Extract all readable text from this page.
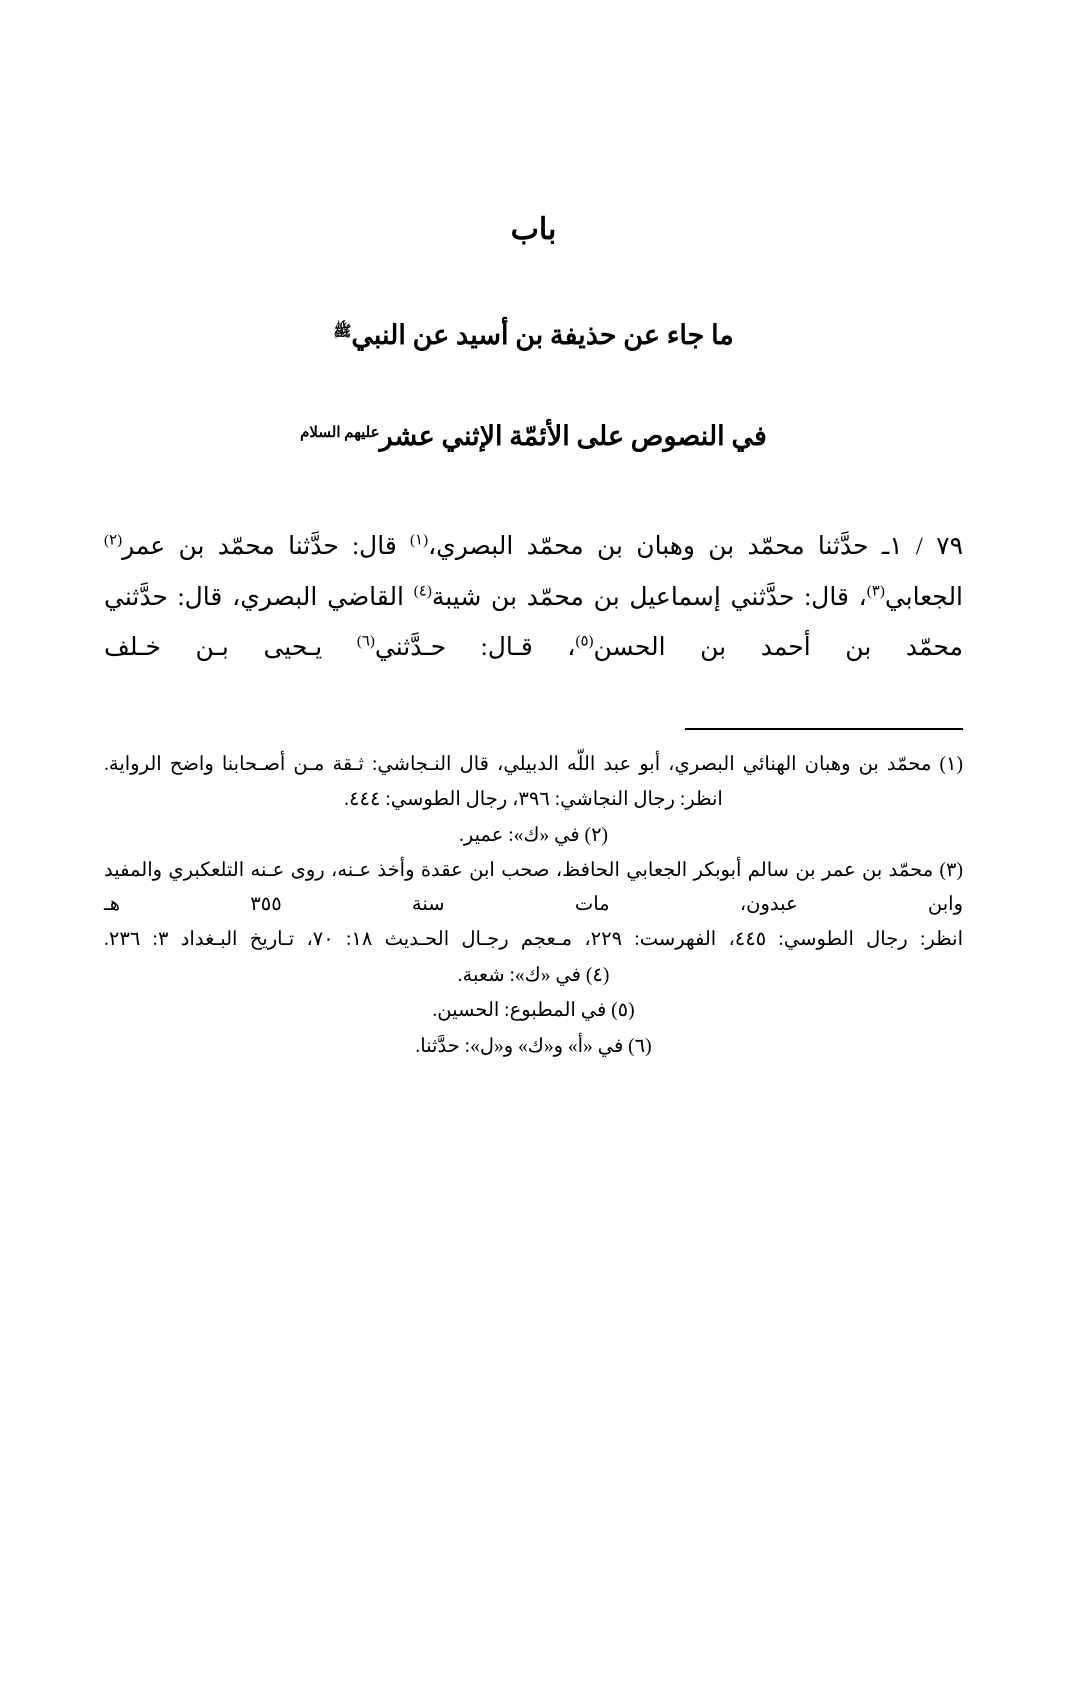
باب
ما جاء عن حذيفة بن أسيد عن النبي$^ﷺ$
في النصوص على الأئمّة الإثني عشر$^{عليهم السلام}$

٧٩ / ١ـ حدَّثنا محمّد بن وهبان بن محمّد البصري،$^{(١)}$ قال: حدَّثنا محمّد بن عمر$^{(٢)}$ الجعابي$^{(٣)}$، قال: حدَّثني إسماعيل بن محمّد بن شيبة$^{(٤)}$ القاضي البصري، قال: حدَّثني محمّد بن أحمد بن الحسن$^{(٥)}$، قـال: حـدَّثني$^{(٦)}$ يـحيى بـن خـلف

(١) محمّد بن وهبان الهنائي البصري، أبو عبد اللّه الدبيلي، قال النـجاشي: ثـقة مـن أصـحابنا واضح الرواية.

انظر: رجال النجاشي: ٣٩٦، رجال الطوسي: ٤٤٤.

(٢) في «ك»: عمير.

(٣) محمّد بن عمر بن سالم أبوبكر الجعابي الحافظ، صحب ابن عقدة وأخذ عـنه، روى عـنه التلعكبري والمفيد وابن عبدون، مات سنة ٣٥٥ هـ

انظر: رجال الطوسي: ٤٤٥، الفهرست: ٢٢٩، مـعجم رجـال الحـديث ١٨: ٧٠، تـاريخ البـغداد ٣: ٢٣٦.

(٤) في «ك»: شعبة.

(٥) في المطبوع: الحسين.

(٦) في «أ» و«ك» و«ل»: حدَّثنا.
